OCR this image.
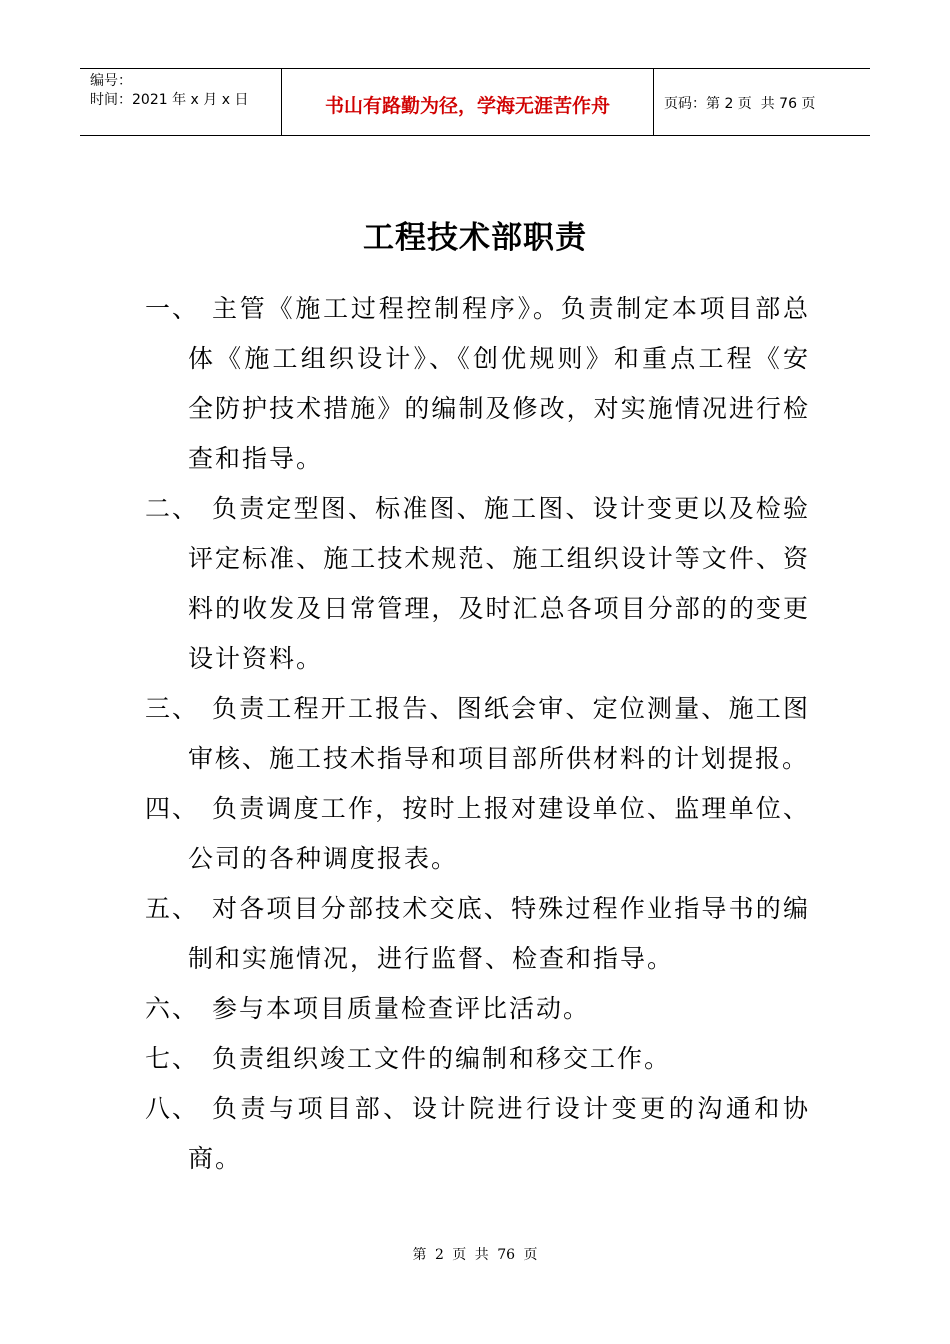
编号：
时间：2021 年 x 月 x 日	书山有路勤为径，学海无涯苦作舟	页码：第 2 页  共 76 页
工程技术部职责
一、 主管《施工过程控制程序》。负责制定本项目部总体《施工组织设计》、《创优规则》和重点工程《安全防护技术措施》的编制及修改，对实施情况进行检查和指导。
二、 负责定型图、标准图、施工图、设计变更以及检验评定标准、施工技术规范、施工组织设计等文件、资料的收发及日常管理，及时汇总各项目分部的的变更设计资料。
三、 负责工程开工报告、图纸会审、定位测量、施工图审核、施工技术指导和项目部所供材料的计划提报。
四、 负责调度工作，按时上报对建设单位、监理单位、公司的各种调度报表。
五、 对各项目分部技术交底、特殊过程作业指导书的编制和实施情况，进行监督、检查和指导。
六、 参与本项目质量检查评比活动。
七、 负责组织竣工文件的编制和移交工作。
八、 负责与项目部、设计院进行设计变更的沟通和协商。
第 2 页 共 76 页
